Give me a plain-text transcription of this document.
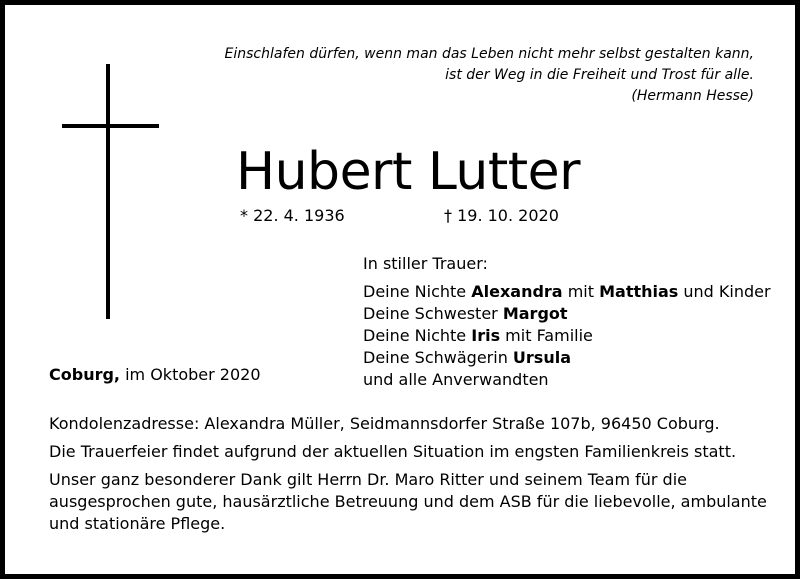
Einschlafen dürfen, wenn man das Leben nicht mehr selbst gestalten kann,
ist der Weg in die Freiheit und Trost für alle.
(Hermann Hesse)
Hubert Lutter
* 22. 4. 1936	† 19. 10. 2020
In stiller Trauer:
Deine Nichte Alexandra mit Matthias und Kinder
Deine Schwester Margot
Deine Nichte Iris mit Familie
Deine Schwägerin Ursula
und alle Anverwandten
Coburg, im Oktober 2020

Kondolenzadresse: Alexandra Müller, Seidmannsdorfer Straße 107b, 96450 Coburg.

Die Trauerfeier findet aufgrund der aktuellen Situation im engsten Familienkreis statt.

Unser ganz besonderer Dank gilt Herrn Dr. Maro Ritter und seinem Team für die ausgesprochen gute, hausärztliche Betreuung und dem ASB für die liebevolle, ambulante und stationäre Pflege.
